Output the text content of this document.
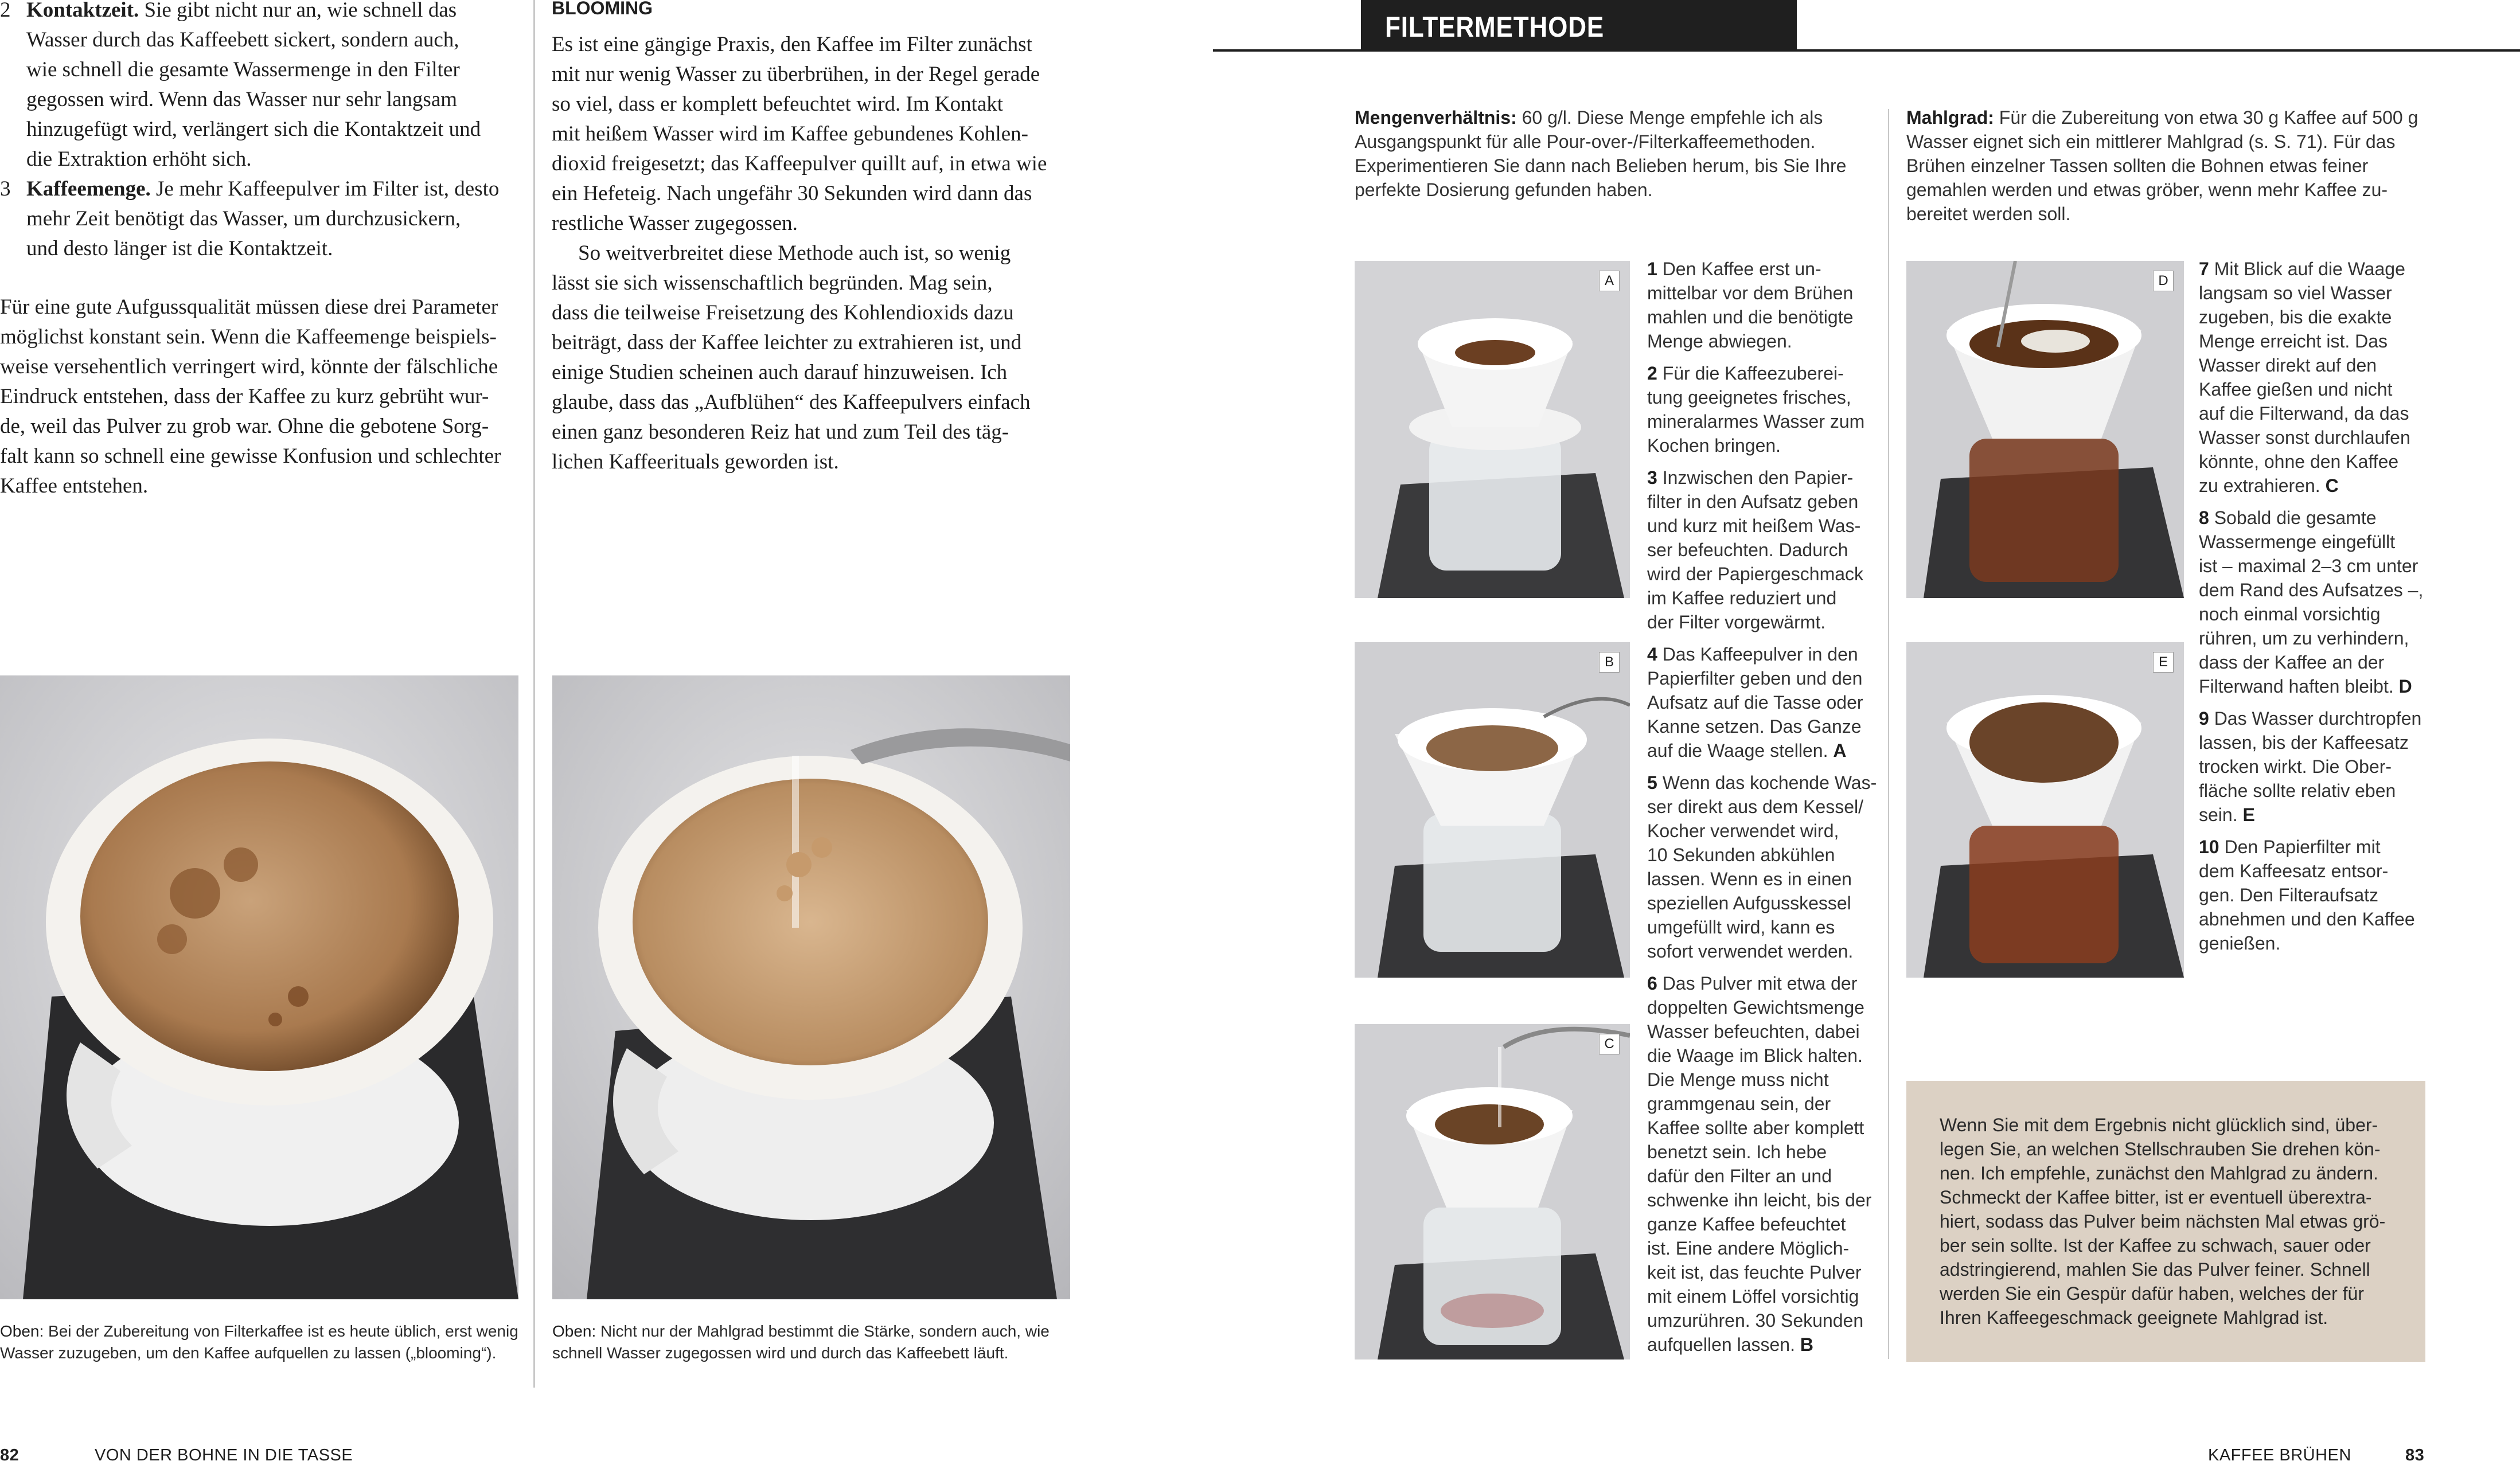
2 Kontaktzeit. Sie gibt nicht nur an, wie schnell das
Wasser durch das Kaffeebett sickert, sondern auch,
wie schnell die gesamte Wassermenge in den Filter
gegossen wird. Wenn das Wasser nur sehr langsam
hinzugefügt wird, verlängert sich die Kontaktzeit und
die Extraktion erhöht sich.
3 Kaffeemenge. Je mehr Kaffeepulver im Filter ist, desto
mehr Zeit benötigt das Wasser, um durchzusickern,
und desto länger ist die Kontaktzeit.
Für eine gute Aufgussqualität müssen diese drei Parameter
möglichst konstant sein. Wenn die Kaffeemenge beispiels-
weise versehentlich verringert wird, könnte der fälschliche
Eindruck entstehen, dass der Kaffee zu kurz gebrüht wur-
de, weil das Pulver zu grob war. Ohne die gebotene Sorg-
falt kann so schnell eine gewisse Konfusion und schlechter
Kaffee entstehen.
BLOOMING
Es ist eine gängige Praxis, den Kaffee im Filter zunächst
mit nur wenig Wasser zu überbrühen, in der Regel gerade
so viel, dass er komplett befeuchtet wird. Im Kontakt
mit heißem Wasser wird im Kaffee gebundenes Kohlen-
dioxid freigesetzt; das Kaffeepulver quillt auf, in etwa wie
ein Hefeteig. Nach ungefähr 30 Sekunden wird dann das
restliche Wasser zugegossen.
So weitverbreitet diese Methode auch ist, so wenig
lässt sie sich wissenschaftlich begründen. Mag sein,
dass die teilweise Freisetzung des Kohlendioxids dazu
beiträgt, dass der Kaffee leichter zu extrahieren ist, und
einige Studien scheinen auch darauf hinzuweisen. Ich
glaube, dass das „Aufblühen“ des Kaffeepulvers einfach
einen ganz besonderen Reiz hat und zum Teil des täg-
lichen Kaffeerituals geworden ist.
Oben: Bei der Zubereitung von Filterkaffee ist es heute üblich, erst wenig
Wasser zuzugeben, um den Kaffee aufquellen zu lassen („blooming“).
Oben: Nicht nur der Mahlgrad bestimmt die Stärke, sondern auch, wie
schnell Wasser zugegossen wird und durch das Kaffeebett läuft.
82	VON DER BOHNE IN DIE TASSE
FILTERMETHODE
Mengenverhältnis: 60 g/l. Diese Menge empfehle ich als
Ausgangspunkt für alle Pour-over-/Filterkaffeemethoden.
Experimentieren Sie dann nach Belieben herum, bis Sie Ihre
perfekte Dosierung gefunden haben.
Mahlgrad: Für die Zubereitung von etwa 30 g Kaffee auf 500 g
Wasser eignet sich ein mittlerer Mahlgrad (s. S. 71). Für das
Brühen einzelner Tassen sollten die Bohnen etwas feiner
gemahlen werden und etwas gröber, wenn mehr Kaffee zu-
bereitet werden soll.
A
B
C
D
E

1 Den Kaffee erst un-
mittelbar vor dem Brühen
mahlen und die benötigte
Menge abwiegen.

2 Für die Kaffeezuberei-
tung geeignetes frisches,
mineralarmes Wasser zum
Kochen bringen.

3 Inzwischen den Papier-
filter in den Aufsatz geben
und kurz mit heißem Was-
ser befeuchten. Dadurch
wird der Papiergeschmack
im Kaffee reduziert und
der Filter vorgewärmt.

4 Das Kaffeepulver in den
Papierfilter geben und den
Aufsatz auf die Tasse oder
Kanne setzen. Das Ganze
auf die Waage stellen. A

5 Wenn das kochende Was-
ser direkt aus dem Kessel/
Kocher verwendet wird,
10 Sekunden abkühlen
lassen. Wenn es in einen
speziellen Aufgusskessel
umgefüllt wird, kann es
sofort verwendet werden.

6 Das Pulver mit etwa der
doppelten Gewichtsmenge
Wasser befeuchten, dabei
die Waage im Blick halten.
Die Menge muss nicht
grammgenau sein, der
Kaffee sollte aber komplett
benetzt sein. Ich hebe
dafür den Filter an und
schwenke ihn leicht, bis der
ganze Kaffee befeuchtet
ist. Eine andere Möglich-
keit ist, das feuchte Pulver
mit einem Löffel vorsichtig
umzurühren. 30 Sekunden
aufquellen lassen. B

7 Mit Blick auf die Waage
langsam so viel Wasser
zugeben, bis die exakte
Menge erreicht ist. Das
Wasser direkt auf den
Kaffee gießen und nicht
auf die Filterwand, da das
Wasser sonst durchlaufen
könnte, ohne den Kaffee
zu extrahieren. C

8 Sobald die gesamte
Wassermenge eingefüllt
ist – maximal 2–3 cm unter
dem Rand des Aufsatzes –,
noch einmal vorsichtig
rühren, um zu verhindern,
dass der Kaffee an der
Filterwand haften bleibt. D

9 Das Wasser durchtropfen
lassen, bis der Kaffeesatz
trocken wirkt. Die Ober-
fläche sollte relativ eben
sein. E

10 Den Papierfilter mit
dem Kaffeesatz entsor-
gen. Den Filteraufsatz
abnehmen und den Kaffee
genießen.

Wenn Sie mit dem Ergebnis nicht glücklich sind, über-
legen Sie, an welchen Stellschrauben Sie drehen kön-
nen. Ich empfehle, zunächst den Mahlgrad zu ändern.
Schmeckt der Kaffee bitter, ist er eventuell überextra-
hiert, sodass das Pulver beim nächsten Mal etwas grö-
ber sein sollte. Ist der Kaffee zu schwach, sauer oder
adstringierend, mahlen Sie das Pulver feiner. Schnell
werden Sie ein Gespür dafür haben, welches der für
Ihren Kaffeegeschmack geeignete Mahlgrad ist.
KAFFEE BRÜHEN	83
